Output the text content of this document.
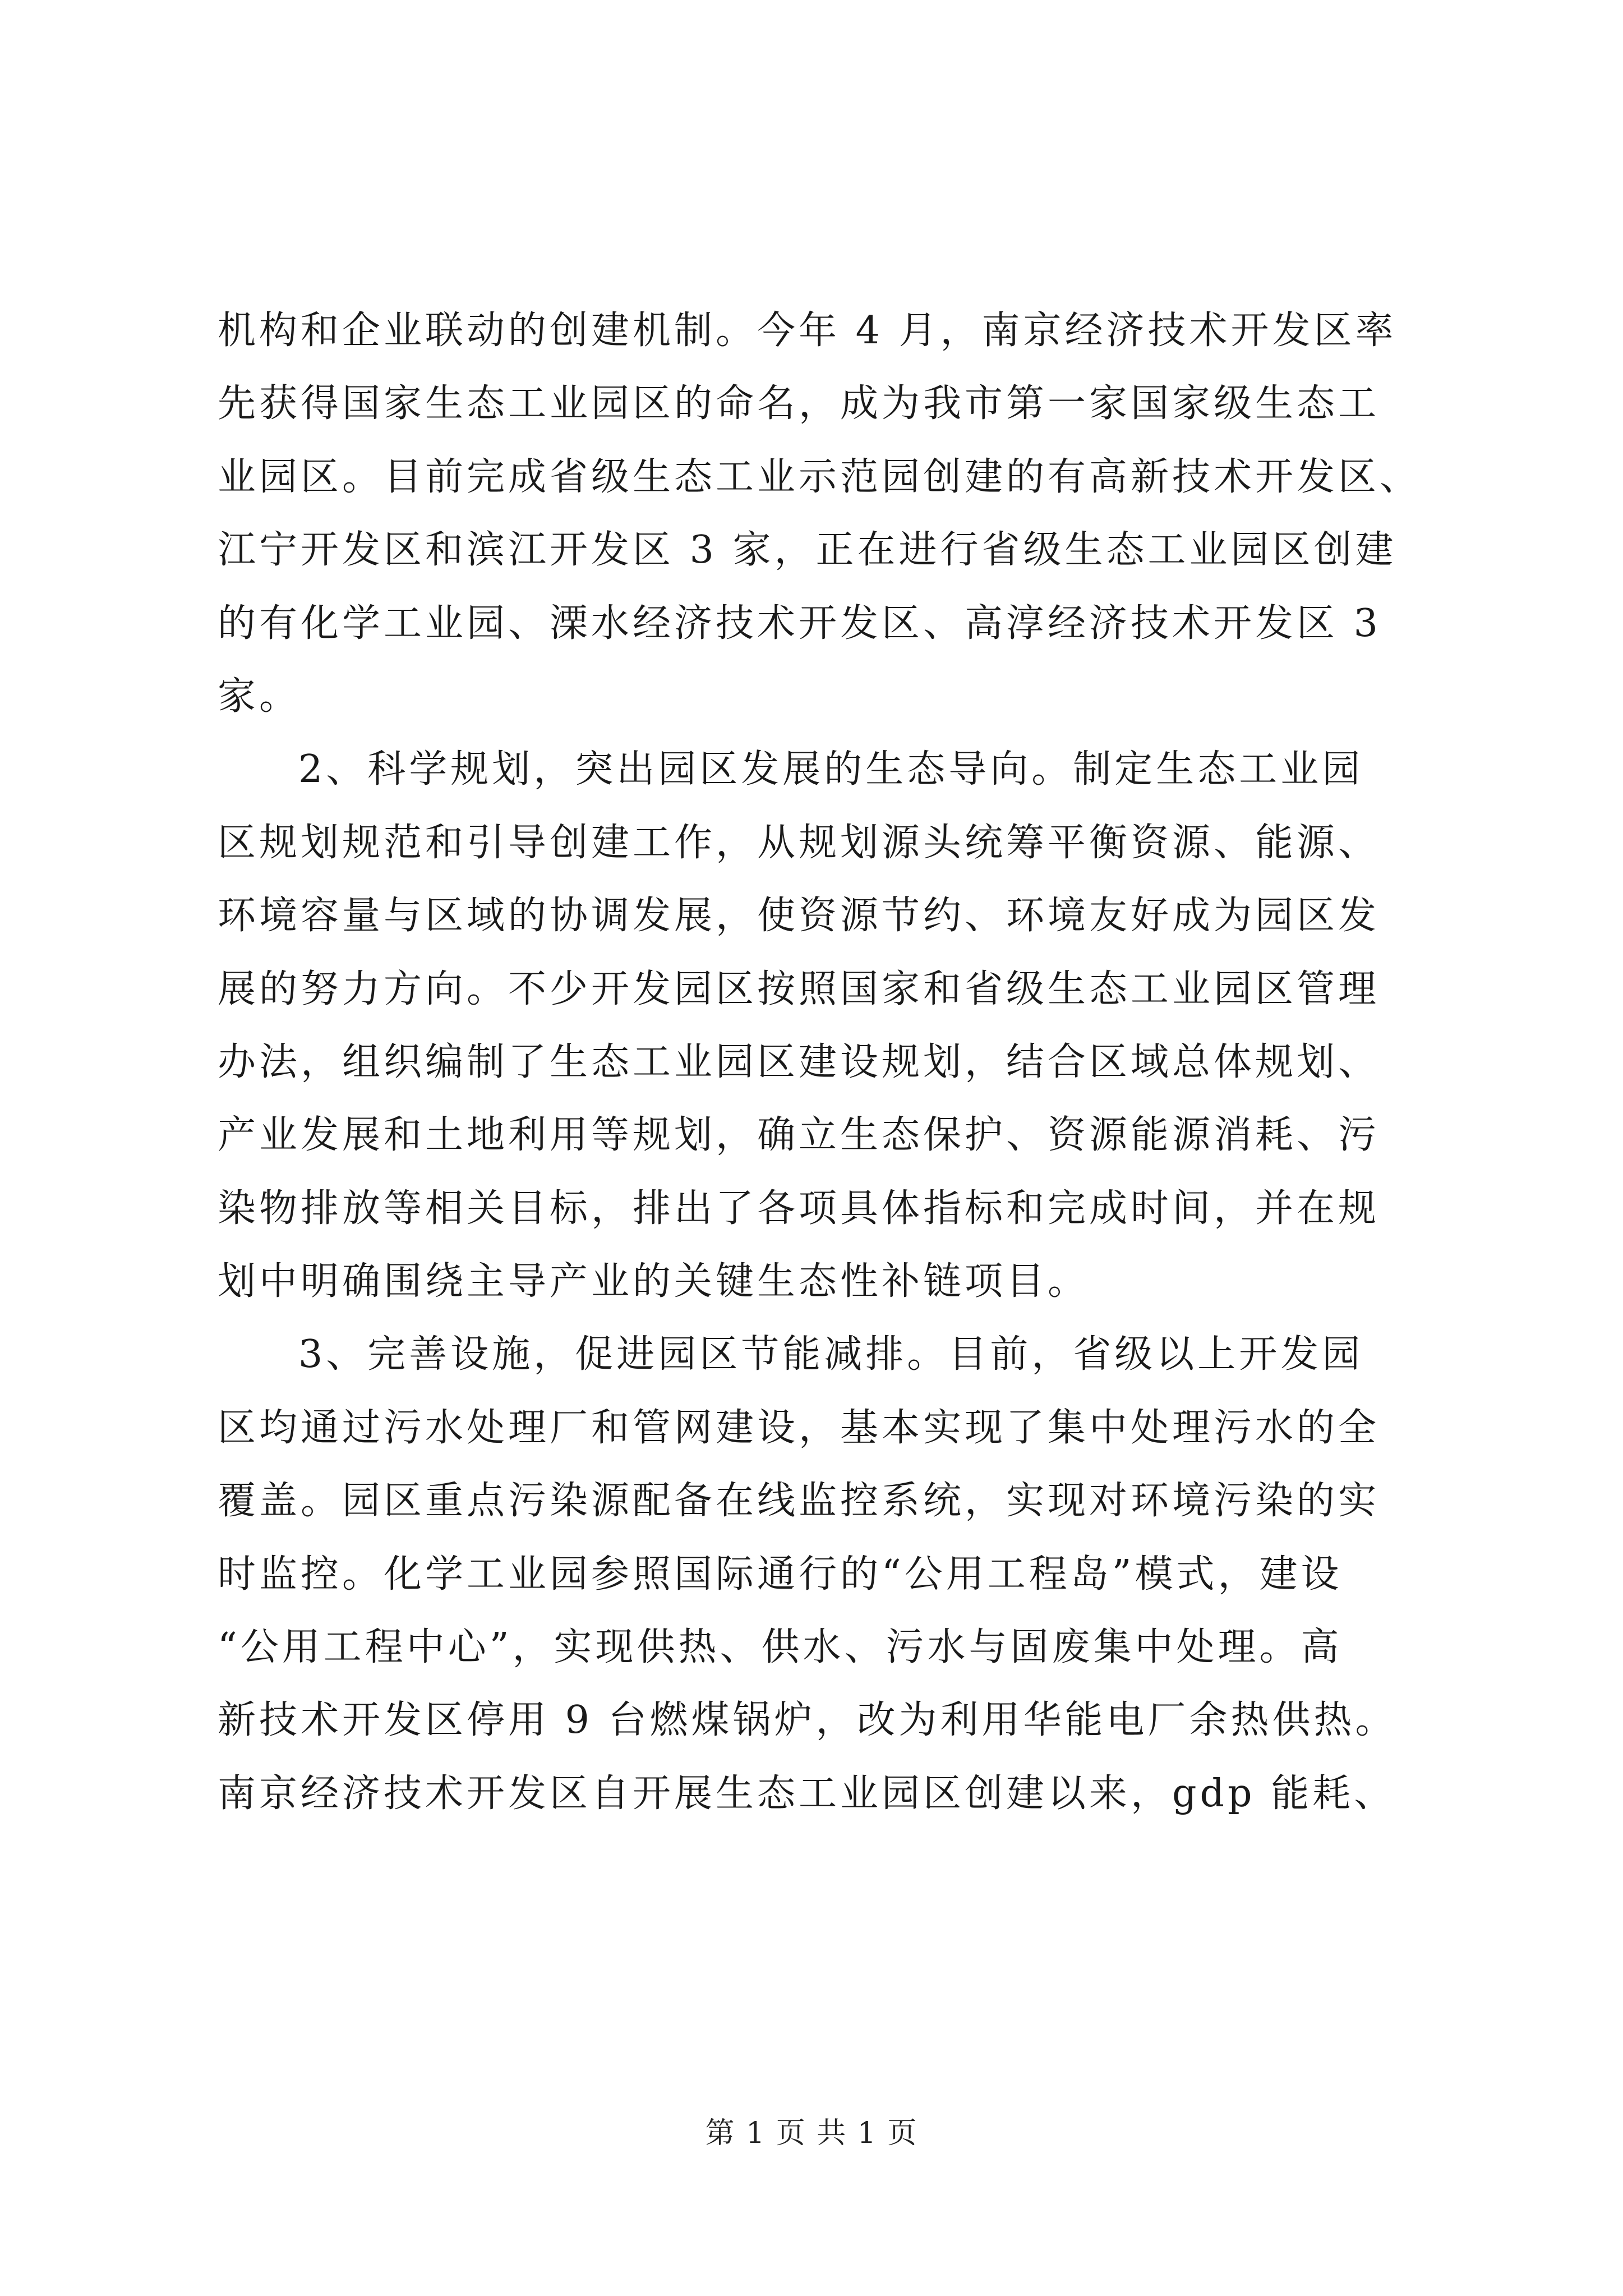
机构和企业联动的创建机制。今年 4 月，南京经济技术开发区率
先获得国家生态工业园区的命名，成为我市第一家国家级生态工
业园区。目前完成省级生态工业示范园创建的有高新技术开发区、
江宁开发区和滨江开发区 3 家，正在进行省级生态工业园区创建
的有化学工业园、溧水经济技术开发区、高淳经济技术开发区 3
家。
2、科学规划，突出园区发展的生态导向。制定生态工业园
区规划规范和引导创建工作，从规划源头统筹平衡资源、能源、
环境容量与区域的协调发展，使资源节约、环境友好成为园区发
展的努力方向。不少开发园区按照国家和省级生态工业园区管理
办法，组织编制了生态工业园区建设规划，结合区域总体规划、
产业发展和土地利用等规划，确立生态保护、资源能源消耗、污
染物排放等相关目标，排出了各项具体指标和完成时间，并在规
划中明确围绕主导产业的关键生态性补链项目。
3、完善设施，促进园区节能减排。目前，省级以上开发园
区均通过污水处理厂和管网建设，基本实现了集中处理污水的全
覆盖。园区重点污染源配备在线监控系统，实现对环境污染的实
时监控。化学工业园参照国际通行的“公用工程岛”模式，建设
“公用工程中心”，实现供热、供水、污水与固废集中处理。高
新技术开发区停用 9 台燃煤锅炉，改为利用华能电厂余热供热。
南京经济技术开发区自开展生态工业园区创建以来，gdp 能耗、
第 1 页 共 1 页
